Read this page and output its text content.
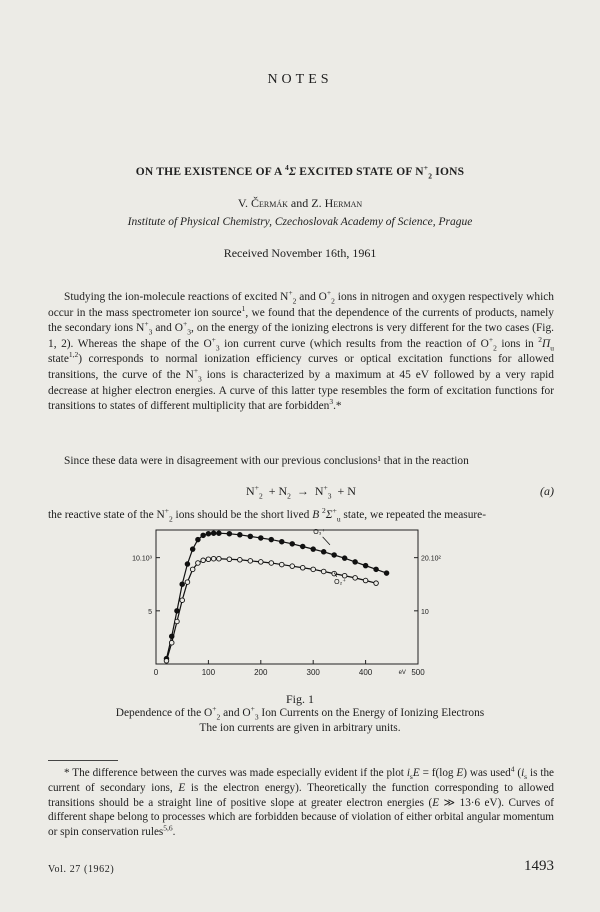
NOTES
ON THE EXISTENCE OF A $^4$Σ EXCITED STATE OF $N^+_2$ IONS
V. Čermák and Z. Herman
Institute of Physical Chemistry, Czechoslovak Academy of Science, Prague
Received November 16th, 1961

Studying the ion-molecule reactions of excited $N^+_2$ and $O^+_2$ ions in nitrogen and oxygen respectively which occur in the mass spectrometer ion source$^1$, we found that the dependence of the currents of products, namely the secondary ions $N^+_3$ and $O^+_3$, on the energy of the ionizing electrons is very different for the two cases (Fig. 1, 2). Whereas the shape of the $O^+_3$ ion current curve (which results from the reaction of $O^+_2$ ions in $^2\Pi_u$ state$^{1,2}$) corresponds to normal ionization efficiency curves or optical excitation functions for allowed transitions, the curve of the $N^+_3$ ions is characterized by a maximum at 45 eV followed by a very rapid decrease at higher electron energies. A curve of this latter type resembles the form of excitation functions for transitions to states of different multiplicity that are forbidden$^3$.*

Since these data were in disagreement with our previous conclusions¹ that in the reaction
$N^+_2 + N_2 \to N^+_3 + N$	(a)
the reactive state of the $N^+_2$ ions should be the short lived B $^2\Sigma^+_u$ state, we repeated the measure-
0	100	200	300	400	500
eV
5
10.10³
10
20.10²
O₃⁺
O₂⁺
Fig. 1
Dependence of the $O^+_2$ and $O^+_3$ Ion Currents on the Energy of Ionizing Electrons
The ion currents are given in arbitrary units.
* The difference between the curves was made especially evident if the plot $i_sE = f(\log$ E) was used$^4$ ($i_s$ is the current of secondary ions, E is the electron energy). Theoretically the function corresponding to allowed transitions should be a straight line of positive slope at greater electron energies (E ≫ 13·6 eV). Curves of different shape belong to processes which are forbidden because of violation of either orbital angular momentum or spin conservation rules$^{5,6}$.
Vol. 27 (1962)	1493
